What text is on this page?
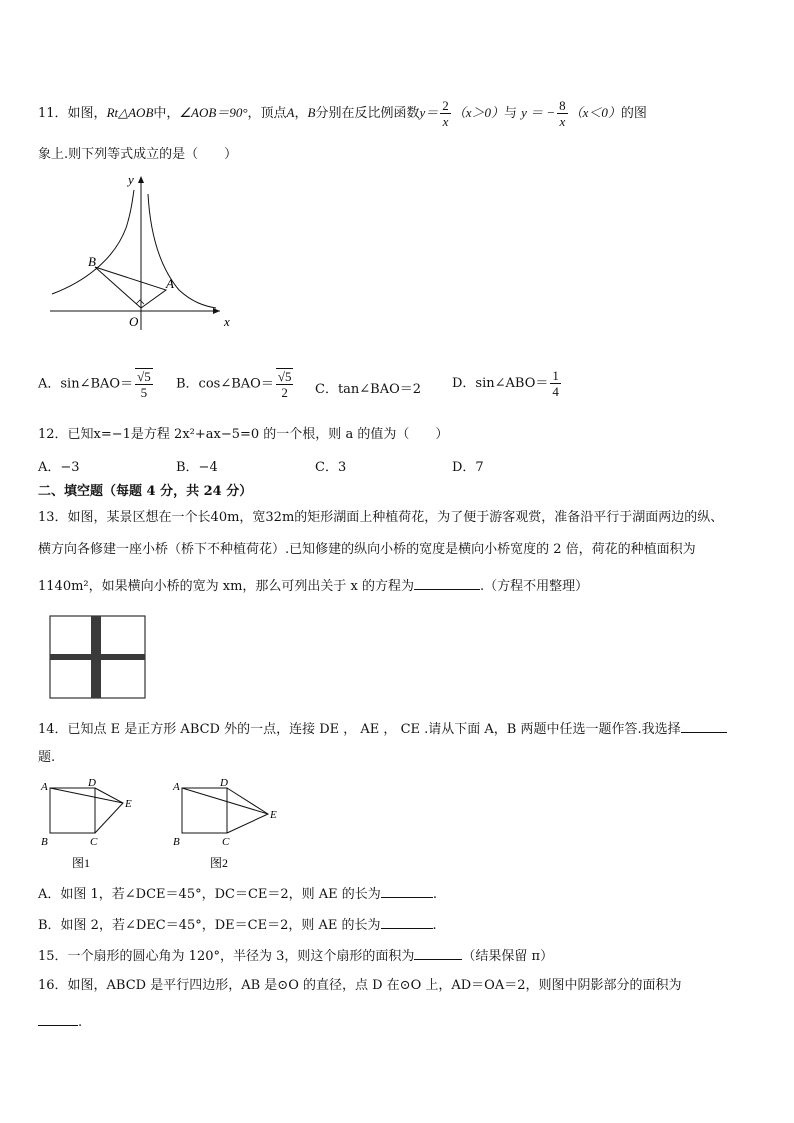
11．如图，Rt△AOB中，∠AOB＝90°，顶点A，B分别在反比例函数$y= \frac{2}{x} (x>0)$与 y ＝ − $\frac{8}{x} (x<0)$的图
象上.则下列等式成立的是（　　）
y
x
O
A
B
A．sin∠BAO＝ $\frac{√5}{5}$ B．cos∠BAO＝ $\frac{√5}{2}$ C．tan∠BAO＝2 D．sin∠ABO＝ $\frac{1}{4}$
12．已知x=−1是方程 2x²+ax−5=0 的一个根，则 a 的值为（　　）
A．−3	B．−4	C．3	D．7
二、填空题（每题 4 分，共 24 分）
13．如图，某景区想在一个长40m，宽32m的矩形湖面上种植荷花，为了便于游客观赏，准备沿平行于湖面两边的纵、
横方向各修建一座小桥（桥下不种植荷花）.已知修建的纵向小桥的宽度是横向小桥宽度的 2 倍，荷花的种植面积为
1140m²，如果横向小桥的宽为 xm，那么可列出关于 x 的方程为	.（方程不用整理）
14．已知点 E 是正方形 ABCD 外的一点，连接 DE ， AE ， CE .请从下面 A，B 两题中任选一题作答.我选择
题.
A	D
E
B	C
图1
A	D
E
B	C
图2
A．如图 1，若∠DCE＝45°，DC＝CE＝2，则 AE 的长为	.
B．如图 2，若∠DEC＝45°，DE＝CE＝2，则 AE 的长为	.
15．一个扇形的圆心角为 120°，半径为 3，则这个扇形的面积为	（结果保留 π）
16．如图，ABCD 是平行四边形，AB 是⊙O 的直径，点 D 在⊙O 上，AD＝OA＝2，则图中阴影部分的面积为
.
